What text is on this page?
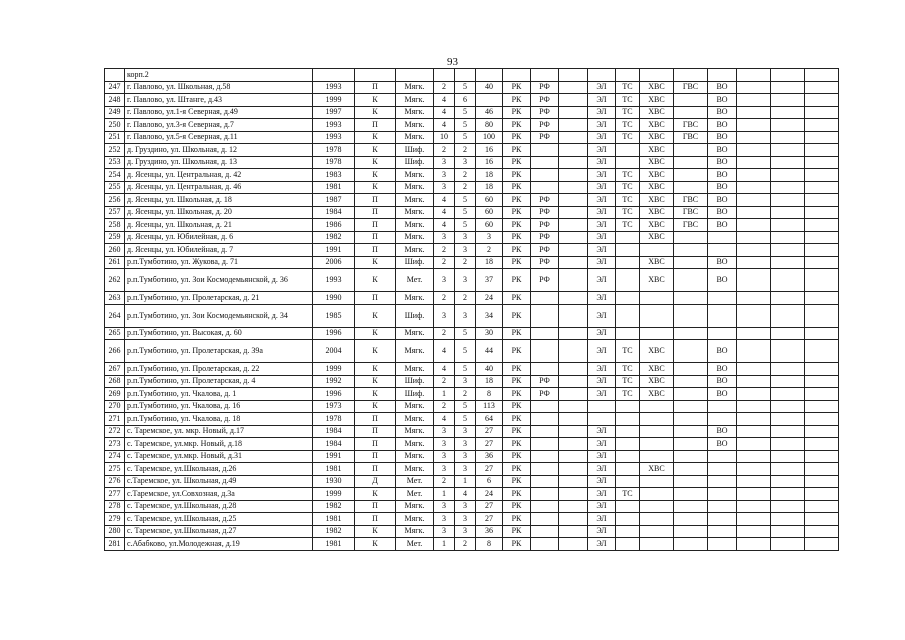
93
	корп.2																	
247	г. Павлово, ул. Школьная, д.58	1993	П	Мягк.	2	5	40	РК	РФ		ЭЛ	ТС	ХВС	ГВС	ВО			
248	г. Павлово, ул. Штанге, д.43	1999	К	Мягк.	4	6		РК	РФ		ЭЛ	ТС	ХВС		ВО			
249	г. Павлово, ул.1-я Северная, д.49	1997	К	Мягк.	4	5	46	РК	РФ		ЭЛ	ТС	ХВС		ВО			
250	г. Павлово, ул.3-я Северная, д.7	1993	П	Мягк.	4	5	80	РК	РФ		ЭЛ	ТС	ХВС	ГВС	ВО			
251	г. Павлово, ул.5-я Северная, д.11	1993	К	Мягк.	10	5	100	РК	РФ		ЭЛ	ТС	ХВС	ГВС	ВО			
252	д. Груздино, ул. Школьная, д. 12	1978	К	Шиф.	2	2	16	РК			ЭЛ		ХВС		ВО			
253	д. Груздино, ул. Школьная, д. 13	1978	К	Шиф.	3	3	16	РК			ЭЛ		ХВС		ВО			
254	д. Ясенцы, ул. Центральная, д. 42	1983	К	Мягк.	3	2	18	РК			ЭЛ	ТС	ХВС		ВО			
255	д. Ясенцы, ул. Центральная, д. 46	1981	К	Мягк.	3	2	18	РК			ЭЛ	ТС	ХВС		ВО			
256	д. Ясенцы, ул. Школьная, д. 18	1987	П	Мягк.	4	5	60	РК	РФ		ЭЛ	ТС	ХВС	ГВС	ВО			
257	д. Ясенцы, ул. Школьная, д. 20	1984	П	Мягк.	4	5	60	РК	РФ		ЭЛ	ТС	ХВС	ГВС	ВО			
258	д. Ясенцы, ул. Школьная, д. 21	1986	П	Мягк.	4	5	60	РК	РФ		ЭЛ	ТС	ХВС	ГВС	ВО			
259	д. Ясенцы, ул. Юбилейная, д. 6	1982	П	Мягк.	3	3	3	РК	РФ		ЭЛ		ХВС					
260	д. Ясенцы, ул. Юбилейная, д. 7	1991	П	Мягк.	2	3	2	РК	РФ		ЭЛ							
261	р.п.Тумботино, ул. Жукова, д. 71	2006	К	Шиф.	2	2	18	РК	РФ		ЭЛ		ХВС		ВО			
262	р.п.Тумботино, ул. Зои Космодемьянской, д. 36	1993	К	Мет.	3	3	37	РК	РФ		ЭЛ		ХВС		ВО			
263	р.п.Тумботино, ул. Пролетарская, д. 21	1990	П	Мягк.	2	2	24	РК			ЭЛ							
264	р.п.Тумботино, ул. Зои Космодемьянской, д. 34	1985	К	Шиф.	3	3	34	РК			ЭЛ							
265	р.п.Тумботино, ул. Высокая, д. 60	1996	К	Мягк.	2	5	30	РК			ЭЛ							
266	р.п.Тумботино, ул. Пролетарская, д. 39а	2004	К	Мягк.	4	5	44	РК			ЭЛ	ТС	ХВС		ВО			
267	р.п.Тумботино, ул. Пролетарская, д. 22	1999	К	Мягк.	4	5	40	РК			ЭЛ	ТС	ХВС		ВО			
268	р.п.Тумботино, ул. Пролетарская, д. 4	1992	К	Шиф.	2	3	18	РК	РФ		ЭЛ	ТС	ХВС		ВО			
269	р.п.Тумботино, ул. Чкалова, д. 1	1996	К	Шиф.	1	2	8	РК	РФ		ЭЛ	ТС	ХВС		ВО			
270	р.п.Тумботино, ул. Чкалова, д. 16	1973	К	Мягк.	2	5	113	РК										
271	р.п.Тумботино, ул. Чкалова, д. 18	1978	П	Мягк.	4	5	64	РК										
272	с. Таремское, ул. мкр. Новый, д.17	1984	П	Мягк.	3	3	27	РК			ЭЛ				ВО			
273	с. Таремское, ул.мкр. Новый, д.18	1984	П	Мягк.	3	3	27	РК			ЭЛ				ВО			
274	с. Таремское, ул.мкр. Новый, д.31	1991	П	Мягк.	3	3	36	РК			ЭЛ							
275	с. Таремское, ул.Школьная, д.26	1981	П	Мягк.	3	3	27	РК			ЭЛ		ХВС					
276	с.Таремское, ул. Школьная, д.49	1930	Д	Мет.	2	1	6	РК			ЭЛ							
277	с.Таремское, ул.Совхозная, д.3а	1999	К	Мет.	1	4	24	РК			ЭЛ	ТС						
278	с. Таремское, ул.Школьная, д.28	1982	П	Мягк.	3	3	27	РК			ЭЛ							
279	с. Таремское, ул.Школьная, д.25	1981	П	Мягк.	3	3	27	РК			ЭЛ							
280	с. Таремское, ул.Школьная, д.27	1982	К	Мягк.	3	3	36	РК			ЭЛ							
281	с.Абабково, ул.Молодежная, д.19	1981	К	Мет.	1	2	8	РК			ЭЛ							
